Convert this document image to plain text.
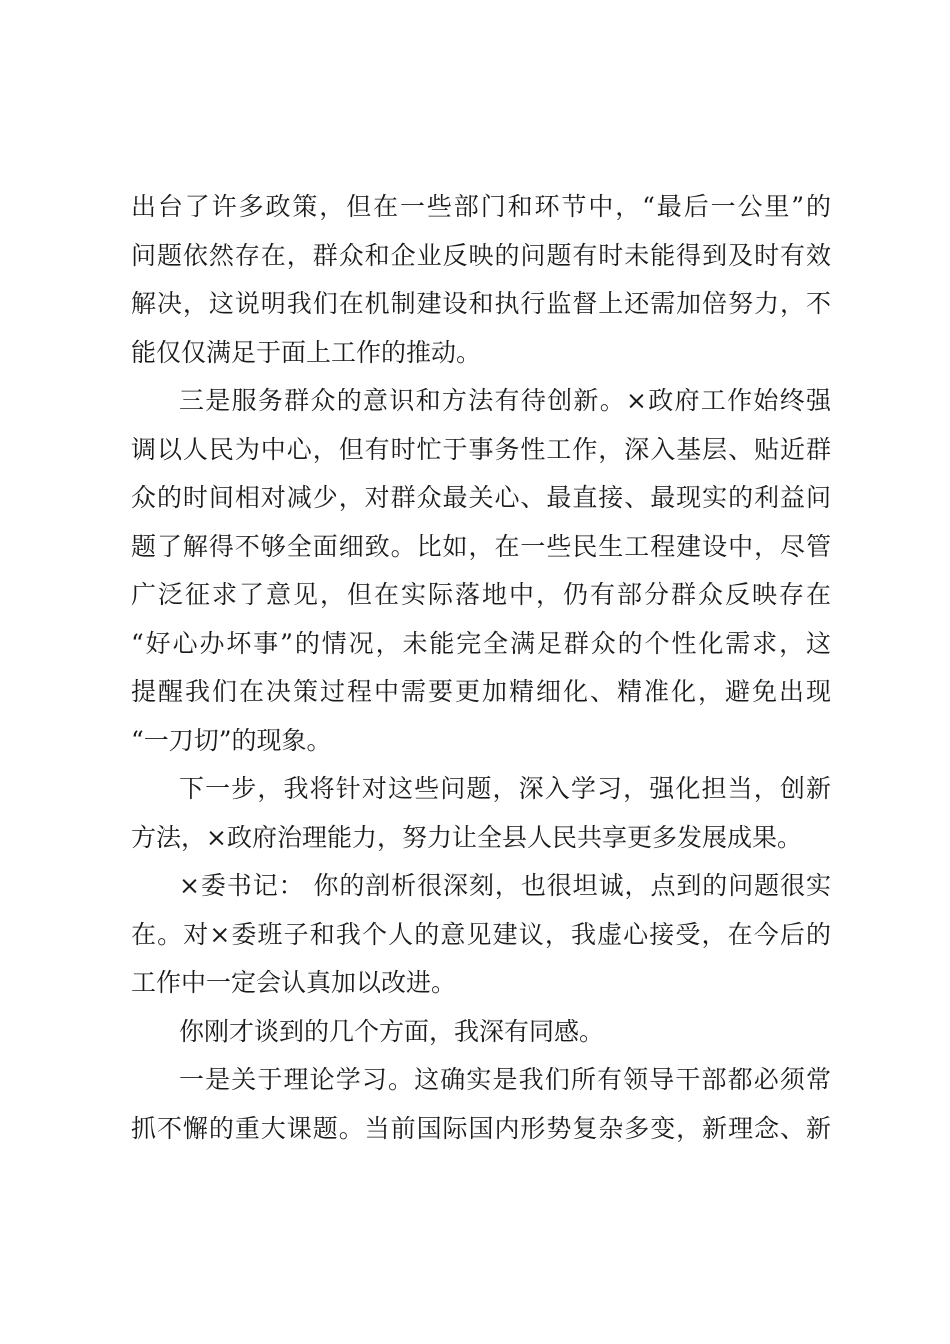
出台了许多政策，但在一些部门和环节中，“最后一公里”的
问题依然存在，群众和企业反映的问题有时未能得到及时有效
解决，这说明我们在机制建设和执行监督上还需加倍努力，不
能仅仅满足于面上工作的推动。
三是服务群众的意识和方法有待创新。×政府工作始终强
调以人民为中心，但有时忙于事务性工作，深入基层、贴近群
众的时间相对减少，对群众最关心、最直接、最现实的利益问
题了解得不够全面细致。比如，在一些民生工程建设中，尽管
广泛征求了意见，但在实际落地中，仍有部分群众反映存在
“好心办坏事”的情况，未能完全满足群众的个性化需求，这
提醒我们在决策过程中需要更加精细化、精准化，避免出现
“一刀切”的现象。
下一步，我将针对这些问题，深入学习，强化担当，创新
方法，×政府治理能力，努力让全县人民共享更多发展成果。
×委书记： 你的剖析很深刻，也很坦诚，点到的问题很实
在。对×委班子和我个人的意见建议，我虚心接受，在今后的
工作中一定会认真加以改进。
你刚才谈到的几个方面，我深有同感。
一是关于理论学习。这确实是我们所有领导干部都必须常
抓不懈的重大课题。当前国际国内形势复杂多变，新理念、新
